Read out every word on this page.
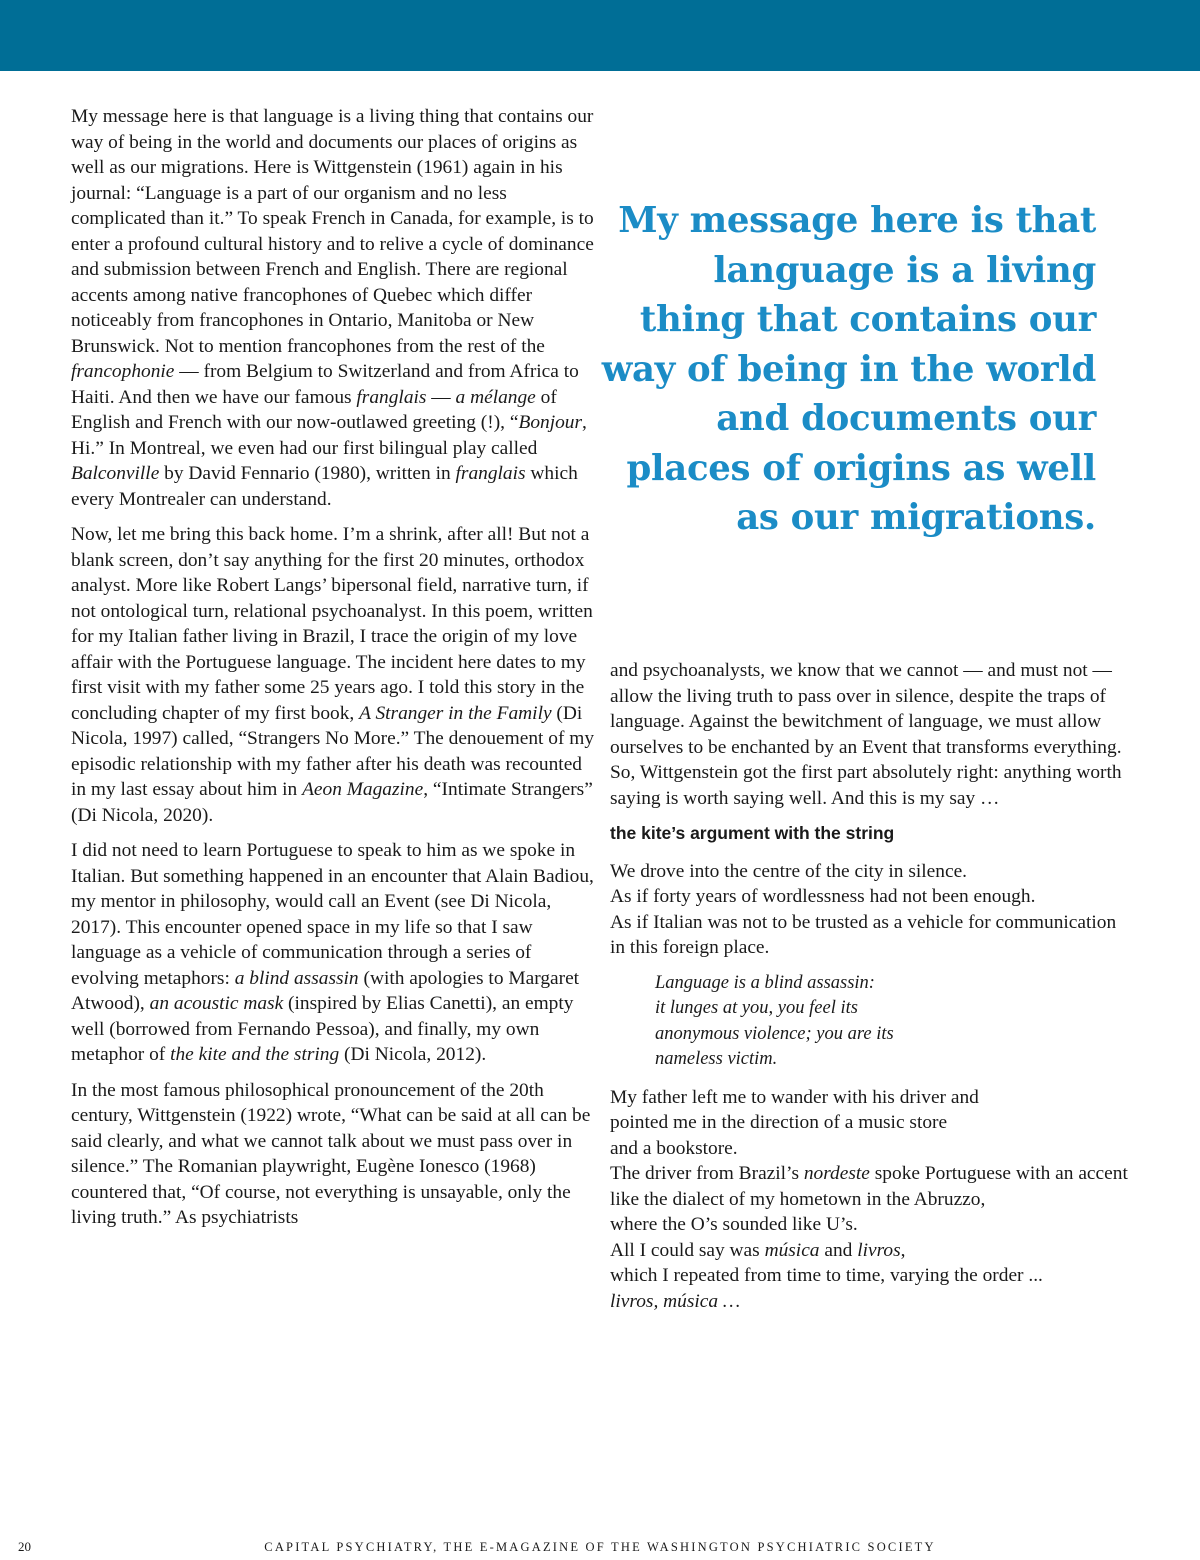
My message here is that language is a living thing that contains our way of being in the world and documents our places of origins as well as our migrations. Here is Wittgenstein (1961) again in his journal: “Language is a part of our organism and no less complicated than it.” To speak French in Canada, for example, is to enter a profound cultural history and to relive a cycle of dominance and submission between French and English. There are regional accents among native francophones of Quebec which differ noticeably from francophones in Ontario, Manitoba or New Brunswick. Not to mention francophones from the rest of the francophonie — from Belgium to Switzerland and from Africa to Haiti. And then we have our famous franglais — a mélange of English and French with our now-outlawed greeting (!), “Bonjour, Hi.” In Montreal, we even had our first bilingual play called Balconville by David Fennario (1980), written in franglais which every Montrealer can understand.

Now, let me bring this back home. I’m a shrink, after all! But not a blank screen, don’t say anything for the first 20 minutes, orthodox analyst. More like Robert Langs’ bipersonal field, narrative turn, if not ontological turn, relational psychoanalyst. In this poem, written for my Italian father living in Brazil, I trace the origin of my love affair with the Portuguese language. The incident here dates to my first visit with my father some 25 years ago. I told this story in the concluding chapter of my first book, A Stranger in the Family (Di Nicola, 1997) called, “Strangers No More.” The denouement of my episodic relationship with my father after his death was recounted in my last essay about him in Aeon Magazine, “Intimate Strangers” (Di Nicola, 2020).

I did not need to learn Portuguese to speak to him as we spoke in Italian. But something happened in an encounter that Alain Badiou, my mentor in philosophy, would call an Event (see Di Nicola, 2017). This encounter opened space in my life so that I saw language as a vehicle of communication through a series of evolving metaphors: a blind assassin (with apologies to Margaret Atwood), an acoustic mask (inspired by Elias Canetti), an empty well (borrowed from Fernando Pessoa), and finally, my own metaphor of the kite and the string (Di Nicola, 2012).

In the most famous philosophical pronouncement of the 20th century, Wittgenstein (1922) wrote, “What can be said at all can be said clearly, and what we cannot talk about we must pass over in silence.” The Romanian playwright, Eugène Ionesco (1968) countered that, “Of course, not everything is unsayable, only the living truth.” As psychiatrists

My message here is that language is a living thing that contains our way of being in the world and documents our places of origins as well as our migrations.

and psychoanalysts, we know that we cannot — and must not — allow the living truth to pass over in silence, despite the traps of language. Against the bewitchment of language, we must allow ourselves to be enchanted by an Event that transforms everything. So, Wittgenstein got the first part absolutely right: anything worth saying is worth saying well. And this is my say …

the kite’s argument with the string
We drove into the centre of the city in silence.
As if forty years of wordlessness had not been enough.
As if Italian was not to be trusted as a vehicle for communication
in this foreign place.
Language is a blind assassin:
it lunges at you, you feel its
anonymous violence; you are its
nameless victim.
My father left me to wander with his driver and
pointed me in the direction of a music store
and a bookstore.
The driver from Brazil’s nordeste spoke Portuguese with an accent
like the dialect of my hometown in the Abruzzo,
where the O’s sounded like U’s.
All I could say was música and livros,
which I repeated from time to time, varying the order ...
livros, música …
20	CAPITAL PSYCHIATRY, THE E-MAGAZINE OF THE WASHINGTON PSYCHIATRIC SOCIETY
